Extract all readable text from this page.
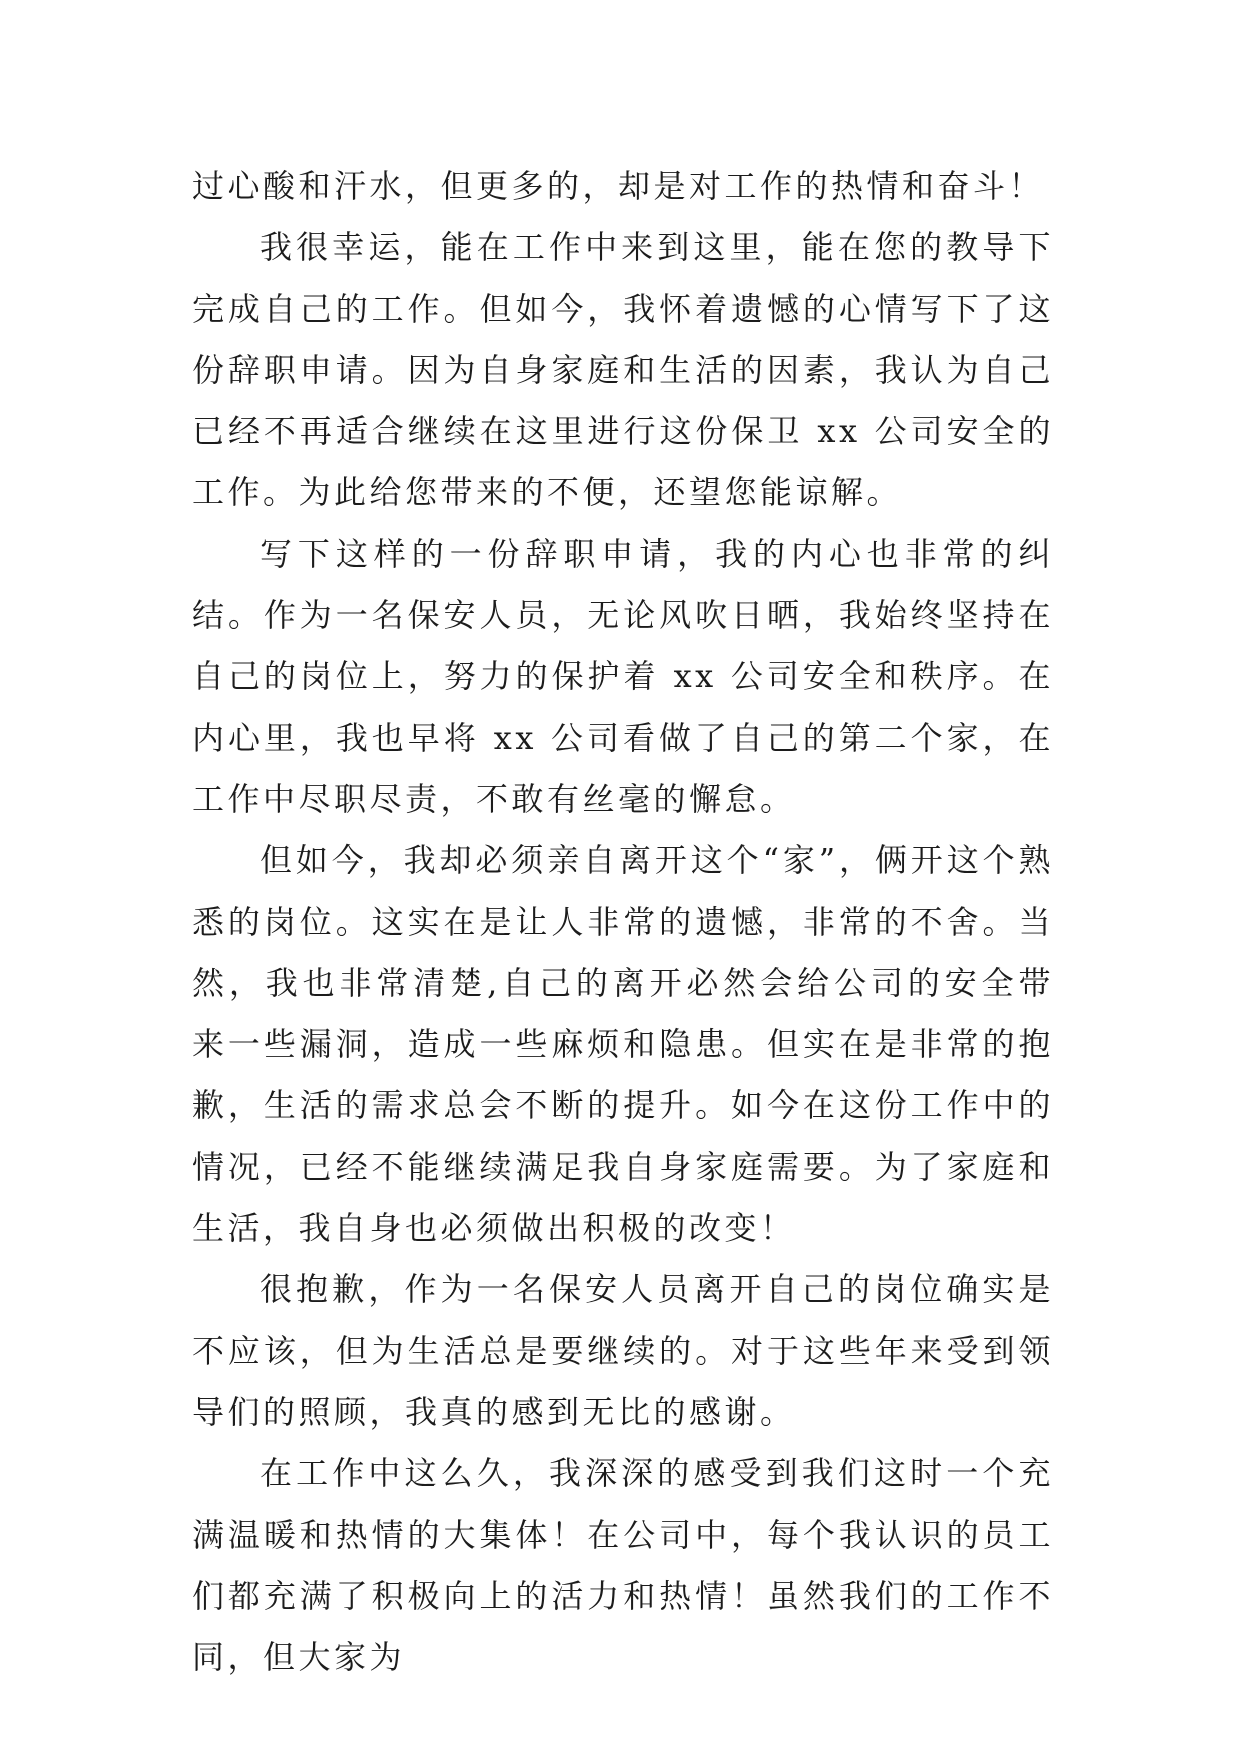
过心酸和汗水，但更多的，却是对工作的热情和奋斗！

我很幸运，能在工作中来到这里，能在您的教导下完成自己的工作。但如今，我怀着遗憾的心情写下了这份辞职申请。因为自身家庭和生活的因素，我认为自己已经不再适合继续在这里进行这份保卫 xx 公司安全的工作。为此给您带来的不便，还望您能谅解。

写下这样的一份辞职申请，我的内心也非常的纠结。作为一名保安人员，无论风吹日晒，我始终坚持在自己的岗位上，努力的保护着 xx 公司安全和秩序。在内心里，我也早将 xx 公司看做了自己的第二个家，在工作中尽职尽责，不敢有丝毫的懈怠。

但如今，我却必须亲自离开这个“家”，俩开这个熟悉的岗位。这实在是让人非常的遗憾，非常的不舍。当然，我也非常清楚,自己的离开必然会给公司的安全带来一些漏洞，造成一些麻烦和隐患。但实在是非常的抱歉，生活的需求总会不断的提升。如今在这份工作中的情况，已经不能继续满足我自身家庭需要。为了家庭和生活，我自身也必须做出积极的改变！

很抱歉，作为一名保安人员离开自己的岗位确实是不应该，但为生活总是要继续的。对于这些年来受到领导们的照顾，我真的感到无比的感谢。

在工作中这么久，我深深的感受到我们这时一个充满温暖和热情的大集体！在公司中，每个我认识的员工们都充满了积极向上的活力和热情！虽然我们的工作不同，但大家为
